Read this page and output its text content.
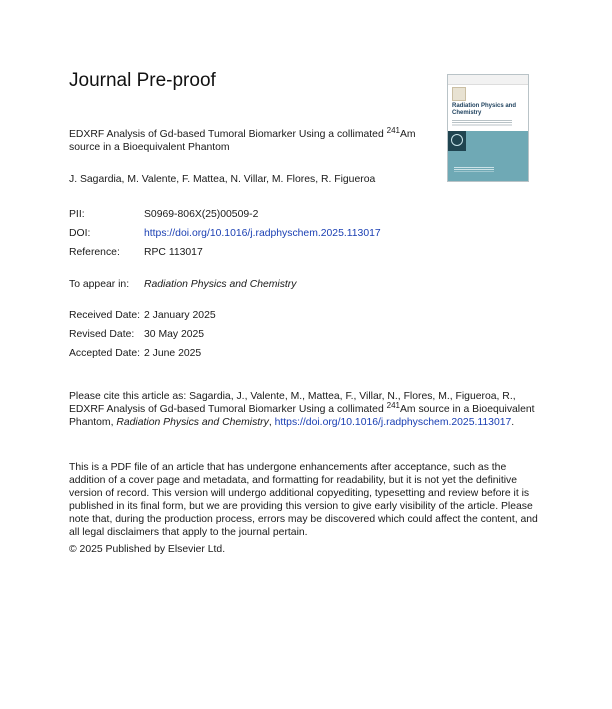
Journal Pre-proof
Radiation Physics and
Chemistry
EDXRF Analysis of Gd-based Tumoral Biomarker Using a collimated $^{241}$Am source in a Bioequivalent Phantom
J. Sagardia, M. Valente, F. Mattea, N. Villar, M. Flores, R. Figueroa
PII:	S0969-806X(25)00509-2
DOI:	https://doi.org/10.1016/j.radphyschem.2025.113017
Reference: RPC 113017
To appear in: Radiation Physics and Chemistry
Received Date: 2 January 2025
Revised Date: 30 May 2025
Accepted Date: 2 June 2025
Please cite this article as: Sagardia, J., Valente, M., Mattea, F., Villar, N., Flores, M., Figueroa, R., EDXRF Analysis of Gd-based Tumoral Biomarker Using a collimated $^{241}$Am source in a Bioequivalent Phantom, Radiation Physics and Chemistry, https://doi.org/10.1016/j.radphyschem.2025.113017.
This is a PDF file of an article that has undergone enhancements after acceptance, such as the addition of a cover page and metadata, and formatting for readability, but it is not yet the definitive version of record. This version will undergo additional copyediting, typesetting and review before it is published in its final form, but we are providing this version to give early visibility of the article. Please note that, during the production process, errors may be discovered which could affect the content, and all legal disclaimers that apply to the journal pertain.
© 2025 Published by Elsevier Ltd.
